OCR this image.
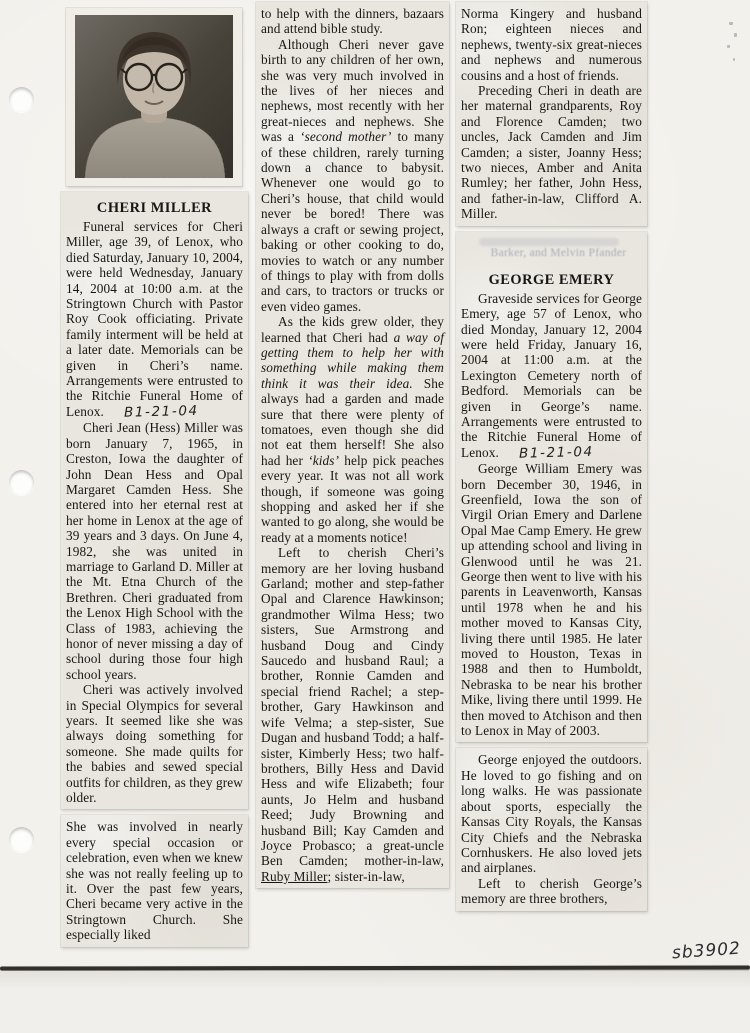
CHERI MILLER
Funeral services for Cheri Miller, age 39, of Lenox, who died Saturday, January 10, 2004, were held Wednesday, January 14, 2004 at 10:00 a.m. at the Stringtown Church with Pastor Roy Cook officiating. Private family interment will be held at a later date. Memorials can be given in Cheri’s name. Arrangements were entrusted to the Ritchie Funeral Home of Lenox. B1-21-04
Cheri Jean (Hess) Miller was born January 7, 1965, in Creston, Iowa the daughter of John Dean Hess and Opal Margaret Camden Hess. She entered into her eternal rest at her home in Lenox at the age of 39 years and 3 days. On June 4, 1982, she was united in marriage to Garland D. Miller at the Mt. Etna Church of the Brethren. Cheri graduated from the Lenox High School with the Class of 1983, achieving the honor of never missing a day of school during those four high school years.
Cheri was actively involved in Special Olympics for several years. It seemed like she was always doing something for someone. She made quilts for the babies and sewed special outfits for children, as they grew older.
She was involved in nearly every special occasion or celebration, even when we knew she was not really feeling up to it. Over the past few years, Cheri became very active in the Stringtown Church. She especially liked
to help with the dinners, bazaars and attend bible study.
Although Cheri never gave birth to any children of her own, she was very much involved in the lives of her nieces and nephews, most recently with her great-nieces and nephews. She was a ‘second mother’ to many of these children, rarely turning down a chance to babysit. Whenever one would go to Cheri’s house, that child would never be bored! There was always a craft or sewing project, baking or other cooking to do, movies to watch or any number of things to play with from dolls and cars, to tractors or trucks or even video games.
As the kids grew older, they learned that Cheri had a way of getting them to help her with something while making them think it was their idea. She always had a garden and made sure that there were plenty of tomatoes, even though she did not eat them herself! She also had her ‘kids’ help pick peaches every year. It was not all work though, if someone was going shopping and asked her if she wanted to go along, she would be ready at a moments notice!
Left to cherish Cheri’s memory are her loving husband Garland; mother and step-father Opal and Clarence Hawkinson; grandmother Wilma Hess; two sisters, Sue Armstrong and husband Doug and Cindy Saucedo and husband Raul; a brother, Ronnie Camden and special friend Rachel; a step-brother, Gary Hawkinson and wife Velma; a step-sister, Sue Dugan and husband Todd; a half-sister, Kimberly Hess; two half-brothers, Billy Hess and David Hess and wife Elizabeth; four aunts, Jo Helm and husband Reed; Judy Browning and husband Bill; Kay Camden and Joyce Probasco; a great-uncle Ben Camden; mother-in-law, Ruby Miller; sister-in-law,
Norma Kingery and husband Ron; eighteen nieces and nephews, twenty-six great-nieces and nephews and numerous cousins and a host of friends.
Preceding Cheri in death are her maternal grandparents, Roy and Florence Camden; two uncles, Jack Camden and Jim Camden; a sister, Joanny Hess; two nieces, Amber and Anita Rumley; her father, John Hess, and father-in-law, Clifford A. Miller.
Barker, and Melvin Pfander
GEORGE EMERY
Graveside services for George Emery, age 57 of Lenox, who died Monday, January 12, 2004 were held Friday, January 16, 2004 at 11:00 a.m. at the Lexington Cemetery north of Bedford. Memorials can be given in George’s name. Arrangements were entrusted to the Ritchie Funeral Home of Lenox. B1-21-04
George William Emery was born December 30, 1946, in Greenfield, Iowa the son of Virgil Orian Emery and Darlene Opal Mae Camp Emery. He grew up attending school and living in Glenwood until he was 21. George then went to live with his parents in Leavenworth, Kansas until 1978 when he and his mother moved to Kansas City, living there until 1985. He later moved to Houston, Texas in 1988 and then to Humboldt, Nebraska to be near his brother Mike, living there until 1999. He then moved to Atchison and then to Lenox in May of 2003.
George enjoyed the outdoors. He loved to go fishing and on long walks. He was passionate about sports, especially the Kansas City Royals, the Kansas City Chiefs and the Nebraska Cornhuskers. He also loved jets and airplanes.
Left to cherish George’s memory are three brothers,
sb3902
